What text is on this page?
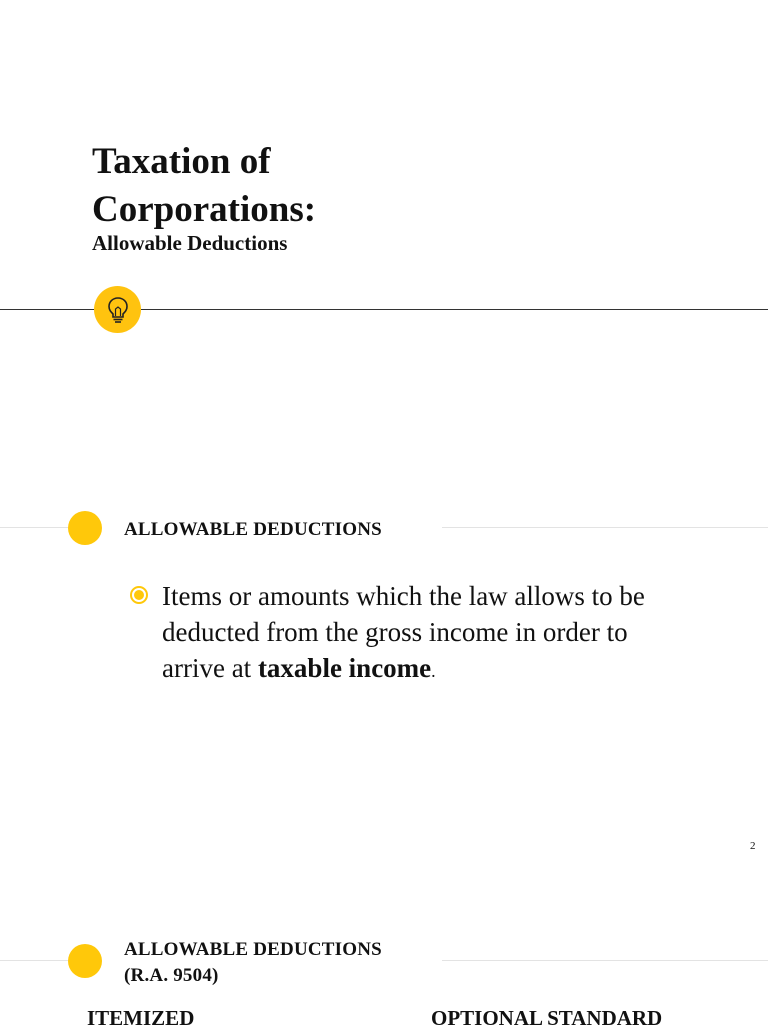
Taxation of Corporations:
Allowable Deductions
ALLOWABLE DEDUCTIONS

Items or amounts which the law allows to be deducted from the gross income in order to arrive at taxable income.

2
ALLOWABLE DEDUCTIONS
(R.A. 9504)
ITEMIZED	OPTIONAL STANDARD
